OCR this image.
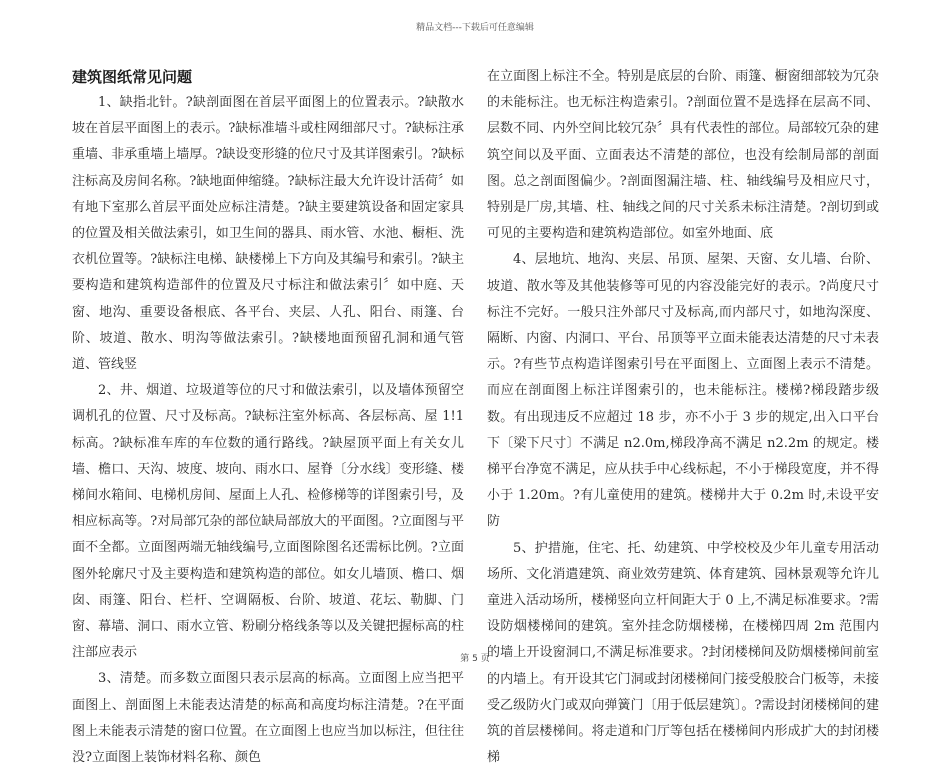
精品文档---下载后可任意编辑

建筑图纸常见问题

1、缺指北针。?缺剖面图在首层平面图上的位置表示。?缺散水坡在首层平面图上的表示。?缺标准墙斗或柱网细部尺寸。?缺标注承重墙、非承重墙上墙厚。?缺设变形缝的位尺寸及其详图索引。?缺标注标高及房间名称。?缺地面伸缩缝。?缺标注最大允许设计活荷〞如有地下室那么首层平面处应标注清楚。?缺主要建筑设备和固定家具的位置及相关做法索引，如卫生间的器具、雨水管、水池、橱柜、洗衣机位置等。?缺标注电梯、缺楼梯上下方向及其编号和索引。?缺主要构造和建筑构造部件的位置及尺寸标注和做法索引〞如中庭、天窗、地沟、重要设备根底、各平台、夹层、人孔、阳台、雨篷、台阶、坡道、散水、明沟等做法索引。?缺楼地面预留孔洞和通气管道、管线竖

2、井、烟道、垃圾道等位的尺寸和做法索引，以及墙体预留空调机孔的位置、尺寸及标高。?缺标注室外标高、各层标高、屋 1!1 标高。?缺标准车库的车位数的通行路线。?缺屋顶平面上有关女儿墙、檐口、天沟、坡度、坡向、雨水口、屋脊〔分水线〕变形缝、楼梯间水箱间、电梯机房间、屋面上人孔、检修梯等的详图索引号，及相应标高等。?对局部冗杂的部位缺局部放大的平面图。?立面图与平面不全都。立面图两端无轴线编号,立面图除图名还需标比例。?立面图外轮廓尺寸及主要构造和建筑构造的部位。如女儿墙顶、檐口、烟囱、雨篷、阳台、栏杆、空调隔板、台阶、坡道、花坛、勒脚、门窗、幕墙、洞口、雨水立管、粉刷分格线条等以及关键把握标高的柱注部应表示

3、清楚。而多数立面图只表示层高的标高。立面图上应当把平面图上、剖面图上未能表达清楚的标高和高度均标注清楚。?在平面图上未能表示清楚的窗口位置。在立面图上也应当加以标注，但往往没?立面图上装饰材料名称、颜色

在立面图上标注不全。特别是底层的台阶、雨篷、橱窗细部较为冗杂的未能标注。也无标注构造索引。?剖面位置不是选择在层高不同、层数不同、内外空间比较冗杂〞具有代表性的部位。局部较冗杂的建筑空间以及平面、立面表达不清楚的部位，也没有绘制局部的剖面图。总之剖面图偏少。?剖面图漏注墙、柱、轴线编号及相应尺寸，特别是厂房,其墙、柱、轴线之间的尺寸关系未标注清楚。?剖切到或可见的主要构造和建筑构造部位。如室外地面、底

4、层地坑、地沟、夹层、吊顶、屋架、天窗、女儿墙、台阶、坡道、散水等及其他装修等可见的内容没能完好的表示。?尚度尺寸标注不完好。一般只注外部尺寸及标高,而内部尺寸，如地沟深度、隔断、内窗、内洞口、平台、吊顶等平立面未能表达清楚的尺寸未表示。?有些节点构造详图索引号在平面图上、立面图上表示不清楚。而应在剖面图上标注详图索引的，也未能标注。楼梯?梯段踏步级数。有出现违反不应超过 18 步，亦不小于 3 步的规定,出入口平台下〔梁下尺寸〕不满足 n2.0m,梯段净高不满足 n2.2m 的规定。楼梯平台净宽不满足，应从扶手中心线标起，不小于梯段宽度，并不得小于 1.20m。?有儿童使用的建筑。楼梯井大于 0.2m 时,未设平安防

5、护措施，住宅、托、幼建筑、中学校校及少年儿童专用活动场所、文化消遣建筑、商业效劳建筑、体育建筑、园林景观等允许儿童进入活动场所，楼梯竖向立杆间距大于 0 上,不满足标准要求。?需设防烟楼梯间的建筑。室外挂念防烟楼梯，在楼梯四周 2m 范围内的墙上开设窗洞口,不满足标准要求。?封闭楼梯间及防烟楼梯间前室的内墙上。有开设其它门洞或封闭楼梯间门接受般胶合门板等，未接受乙级防火门或双向弹簧门〔用于低层建筑〕。?需设封闭楼梯间的建筑的首层楼梯间。将走道和门厅等包括在楼梯间内形成扩大的封闭楼梯

第 5 页
